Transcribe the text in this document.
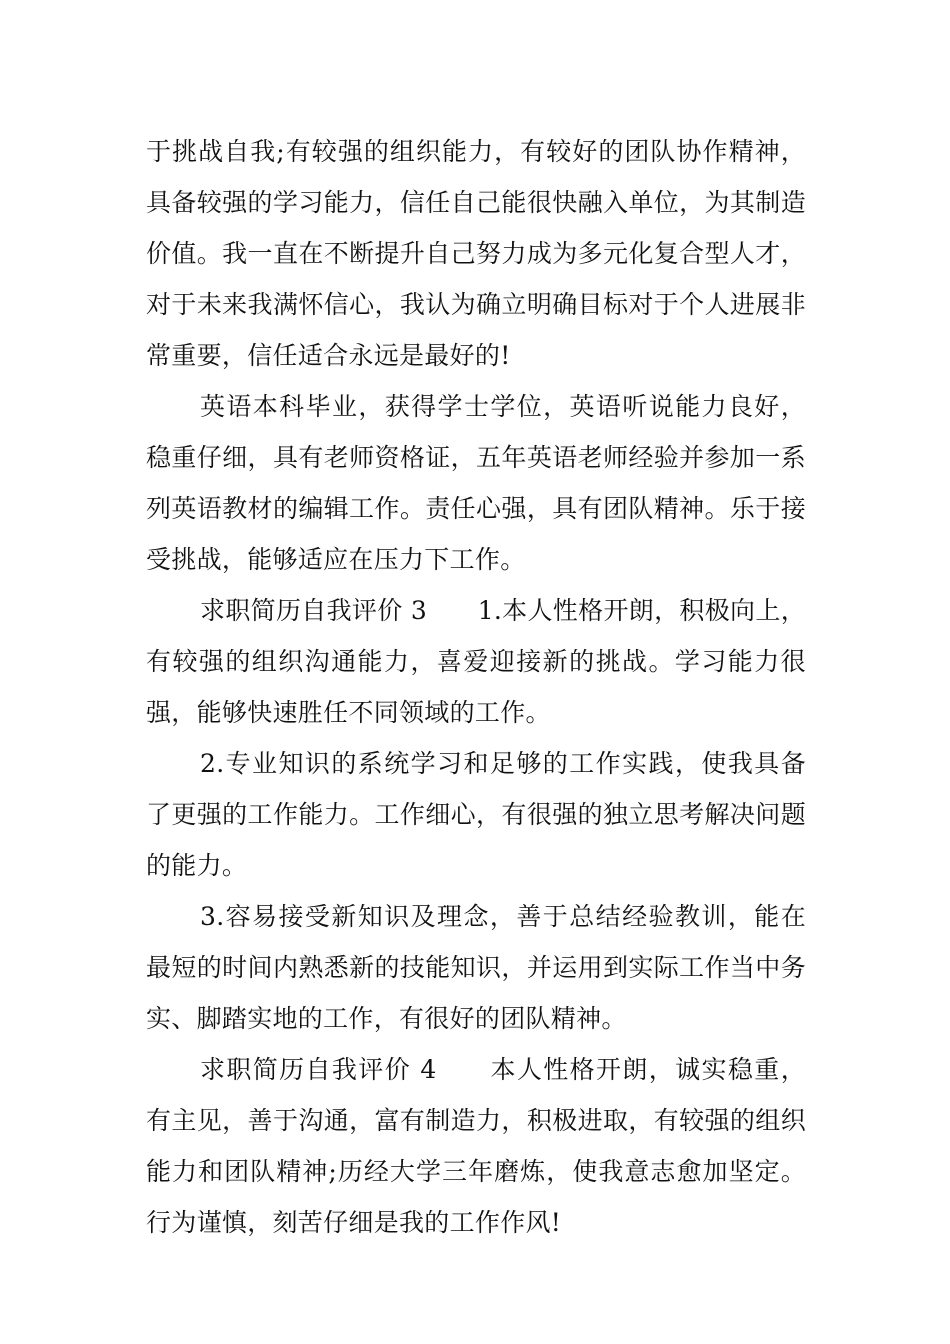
于挑战自我;有较强的组织能力，有较好的团队协作精神，具备较强的学习能力，信任自己能很快融入单位，为其制造价值。我一直在不断提升自己努力成为多元化复合型人才，对于未来我满怀信心，我认为确立明确目标对于个人进展非常重要，信任适合永远是最好的!

英语本科毕业，获得学士学位，英语听说能力良好，稳重仔细，具有老师资格证，五年英语老师经验并参加一系列英语教材的编辑工作。责任心强，具有团队精神。乐于接受挑战，能够适应在压力下工作。

求职简历自我评价 3　　1.本人性格开朗，积极向上，有较强的组织沟通能力，喜爱迎接新的挑战。学习能力很强，能够快速胜任不同领域的工作。

2.专业知识的系统学习和足够的工作实践，使我具备了更强的工作能力。工作细心，有很强的独立思考解决问题的能力。

3.容易接受新知识及理念，善于总结经验教训，能在最短的时间内熟悉新的技能知识，并运用到实际工作当中务实、脚踏实地的工作，有很好的团队精神。

求职简历自我评价 4　　本人性格开朗，诚实稳重，有主见，善于沟通，富有制造力，积极进取，有较强的组织能力和团队精神;历经大学三年磨炼，使我意志愈加坚定。行为谨慎，刻苦仔细是我的工作作风!
